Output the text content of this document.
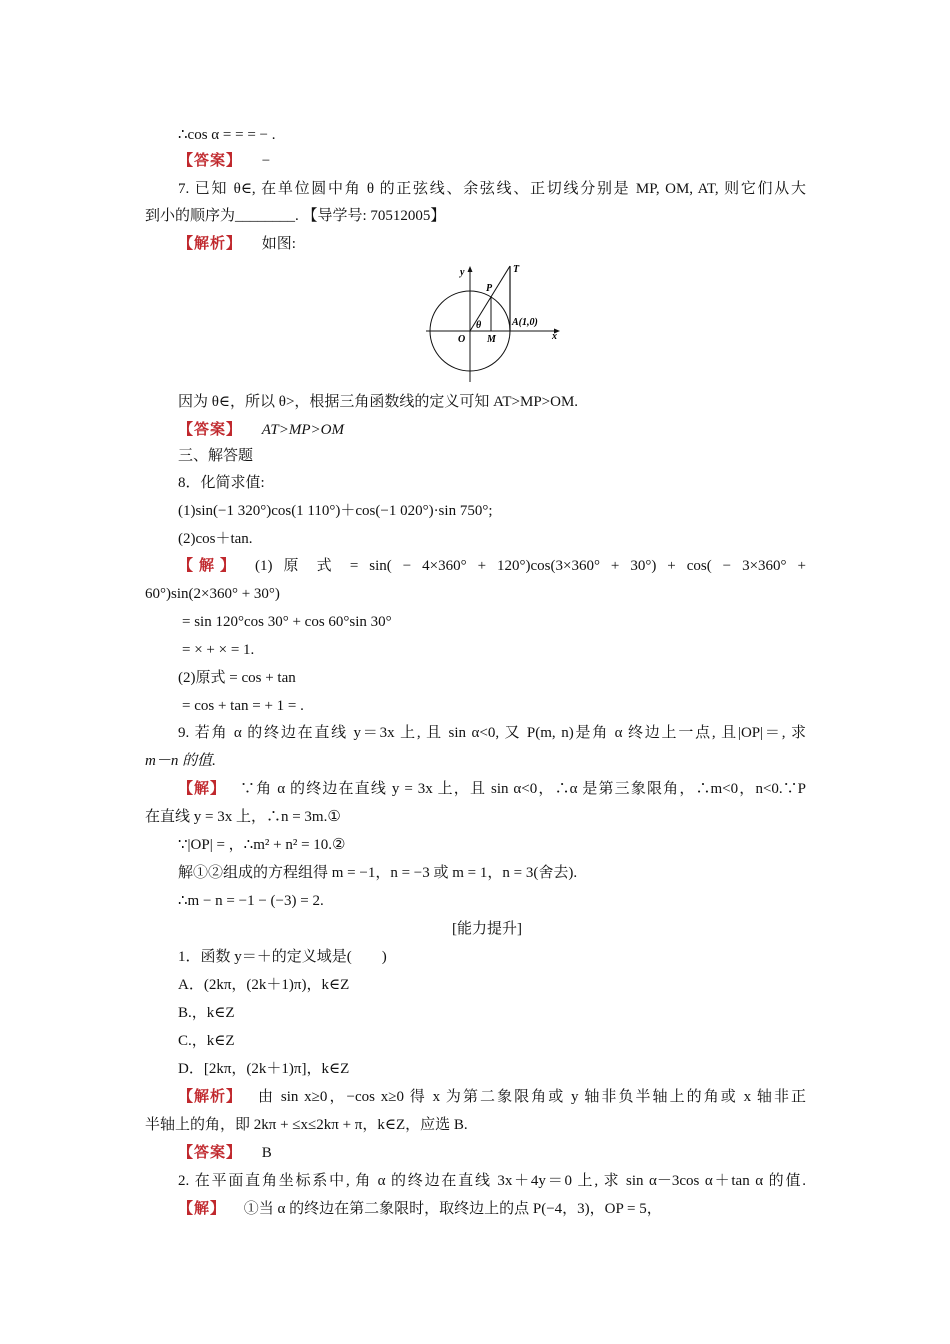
∴cos α = = = − .
【答案】 −
7. 已知 θ∈, 在单位圆中角 θ 的正弦线、余弦线、正切线分别是 MP, OM, AT, 则它们从大
到小的顺序为________. 【导学号: 70512005】
【解析】 如图:
y	T
P
θ	A(1,0)
O M	x
因为 θ∈，所以 θ>，根据三角函数线的定义可知 AT>MP>OM.
【答案】 AT>MP>OM
三、解答题
8．化简求值:
(1)sin(−1 320°)cos(1 110°)＋cos(−1 020°)·sin 750°;
(2)cos＋tan.
【解】 (1) 原 式 = sin( − 4×360° + 120°)cos(3×360° + 30°) + cos( − 3×360° +
60°)sin(2×360° + 30°)
= sin 120°cos 30° + cos 60°sin 30°
= × + × = 1.
(2)原式 = cos + tan
= cos + tan = + 1 = .
9. 若角 α 的终边在直线 y＝3x 上, 且 sin α<0, 又 P(m, n)是角 α 终边上一点, 且|OP|＝, 求
m－n 的值.
【解】 ∵角 α 的终边在直线 y = 3x 上，且 sin α<0，∴α 是第三象限角，∴m<0，n<0.∵P
在直线 y = 3x 上，∴n = 3m.①
∵|OP| = ，∴m² + n² = 10.②
解①②组成的方程组得 m = −1，n = −3 或 m = 1，n = 3(舍去).
∴m − n = −1 − (−3) = 2.
[能力提升]
1．函数 y＝＋的定义域是(　　)
A．(2kπ，(2k＋1)π)，k∈Z
B.，k∈Z
C.，k∈Z
D．[2kπ，(2k＋1)π]，k∈Z
【解析】 由 sin x≥0，−cos x≥0 得 x 为第二象限角或 y 轴非负半轴上的角或 x 轴非正
半轴上的角，即 2kπ + ≤x≤2kπ + π，k∈Z，应选 B.
【答案】 B
2. 在平面直角坐标系中, 角 α 的终边在直线 3x＋4y＝0 上, 求 sin α－3cos α＋tan α 的值.
【解】 ①当 α 的终边在第二象限时，取终边上的点 P(−4，3)，OP = 5，
